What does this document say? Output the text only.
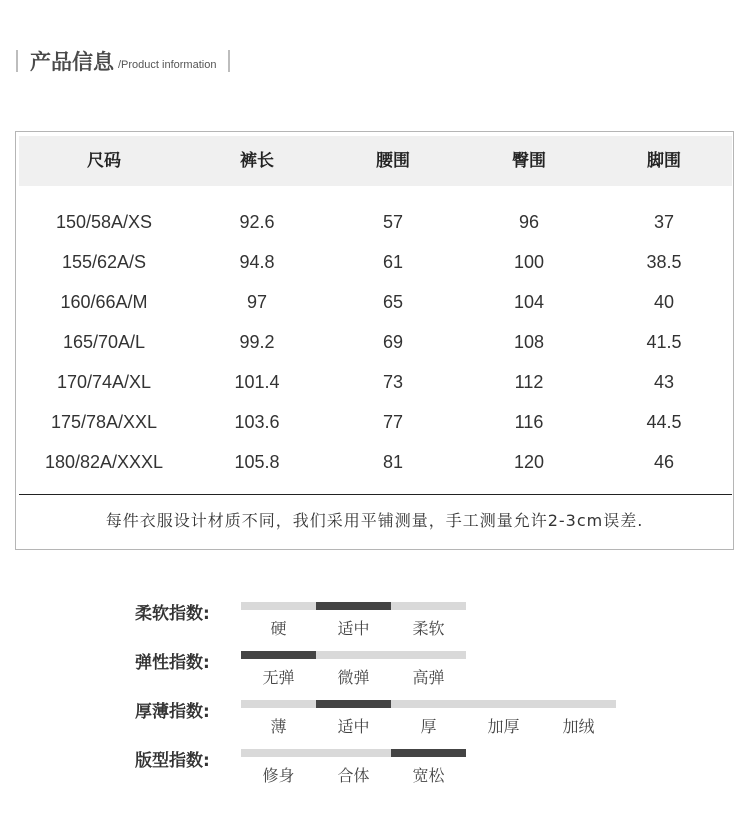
产品信息 /Product information
尺码	裤长	腰围	臀围	脚围
150/58A/XS	92.6	57	96	37
155/62A/S	94.8	61	100	38.5
160/66A/M	97	65	104	40
165/70A/L	99.2	69	108	41.5
170/74A/XL	101.4	73	112	43
175/78A/XXL	103.6	77	116	44.5
180/82A/XXXL	105.8	81	120	46
每件衣服设计材质不同，我们采用平铺测量，手工测量允许2-3cm误差.
柔软指数:
硬	适中	柔软
弹性指数:
无弹	微弹	高弹
厚薄指数:
薄	适中	厚	加厚	加绒
版型指数:
修身	合体	宽松
